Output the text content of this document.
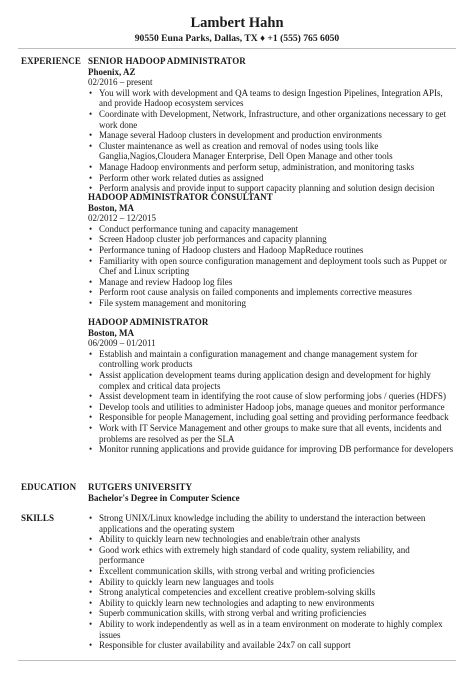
Lambert Hahn
90550 Euna Parks, Dallas, TX ♦ +1 (555) 765 6050
EXPERIENCE SENIOR HADOOP ADMINISTRATOR
Phoenix, AZ
02/2016 – present
• You will work with development and QA teams to design Ingestion Pipelines, Integration APIs, and provide Hadoop ecosystem services
• Coordinate with Development, Network, Infrastructure, and other organizations necessary to get work done
• Manage several Hadoop clusters in development and production environments
• Cluster maintenance as well as creation and removal of nodes using tools like Ganglia,Nagios,Cloudera Manager Enterprise, Dell Open Manage and other tools
• Manage Hadoop environments and perform setup, administration, and monitoring tasks
• Perform other work related duties as assigned
• Perform analysis and provide input to support capacity planning and solution design decision
HADOOP ADMINISTRATOR CONSULTANT
Boston, MA
02/2012 – 12/2015
• Conduct performance tuning and capacity management
• Screen Hadoop cluster job performances and capacity planning
• Performance tuning of Hadoop clusters and Hadoop MapReduce routines
• Familiarity with open source configuration management and deployment tools such as Puppet or Chef and Linux scripting
• Manage and review Hadoop log files
• Perform root cause analysis on failed components and implements corrective measures
• File system management and monitoring
HADOOP ADMINISTRATOR
Boston, MA
06/2009 – 01/2011
• Establish and maintain a configuration management and change management system for controlling work products
• Assist application development teams during application design and development for highly complex and critical data projects
• Assist development team in identifying the root cause of slow performing jobs / queries (HDFS)
• Develop tools and utilities to administer Hadoop jobs, manage queues and monitor performance
• Responsible for people Management, including goal setting and providing performance feedback
• Work with IT Service Management and other groups to make sure that all events, incidents and problems are resolved as per the SLA
• Monitor running applications and provide guidance for improving DB performance for developers
EDUCATION RUTGERS UNIVERSITY
Bachelor's Degree in Computer Science
SKILLS
•	Strong UNIX/Linux knowledge including the ability to understand the interaction between applications and the operating system
• Ability to quickly learn new technologies and enable/train other analysts
• Good work ethics with extremely high standard of code quality, system reliability, and performance
• Excellent communication skills, with strong verbal and writing proficiencies
• Ability to quickly learn new languages and tools
• Strong analytical competencies and excellent creative problem-solving skills
• Ability to quickly learn new technologies and adapting to new environments
• Superb communication skills, with strong verbal and writing proficiencies
• Ability to work independently as well as in a team environment on moderate to highly complex issues
• Responsible for cluster availability and available 24x7 on call support
